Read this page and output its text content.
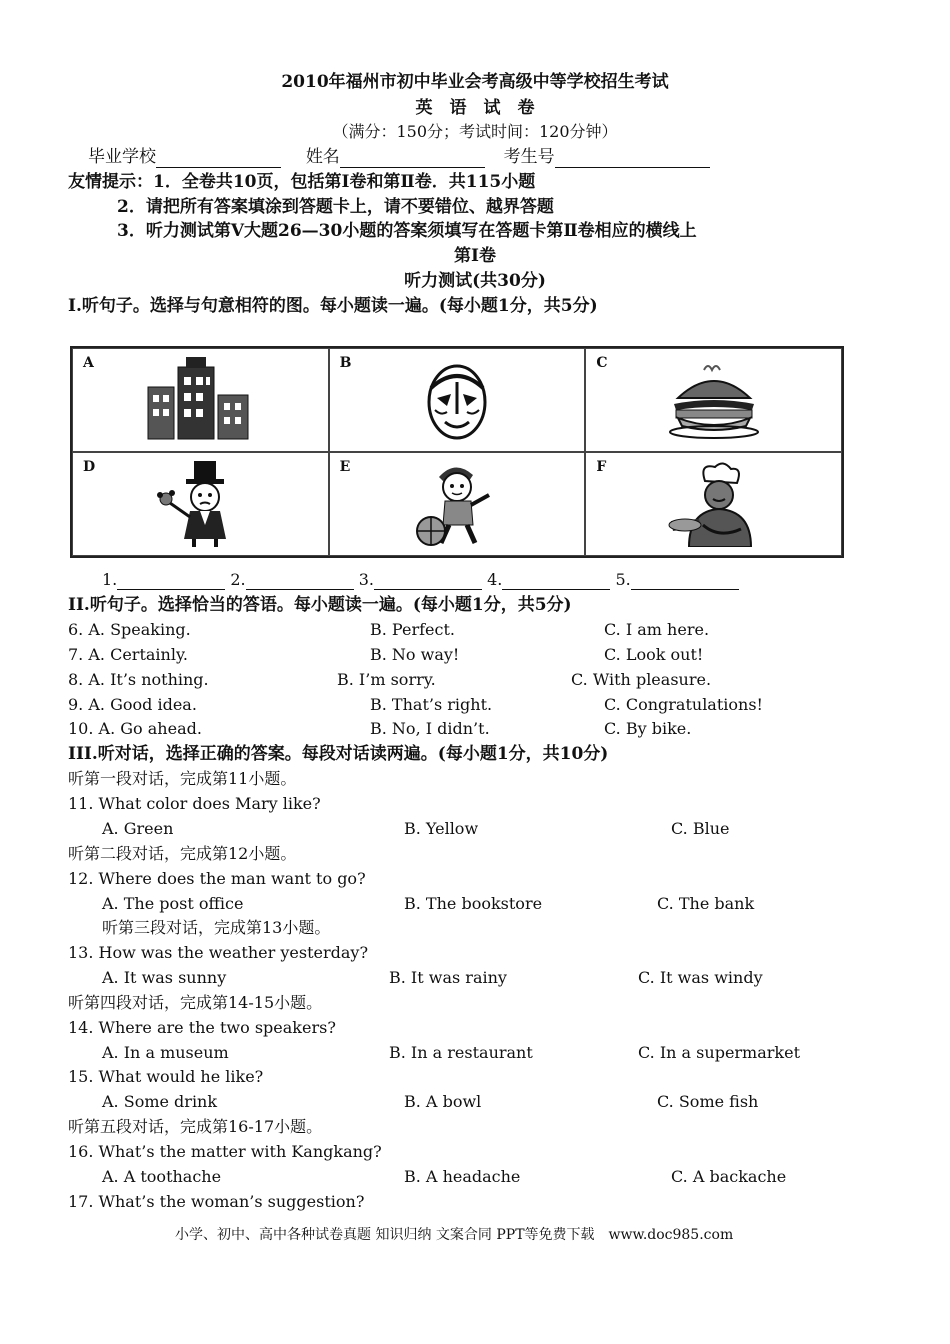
2010年福州市初中毕业会考高级中等学校招生考试
英　语　试　卷
（满分：150分；考试时间：120分钟）
毕业学校	姓名	考生号
友情提示：1．全卷共10页，包括第I卷和第Ⅱ卷．共115小题
2．请把所有答案填涂到答题卡上，请不要错位、越界答题
3．听力测试第V大题26—30小题的答案须填写在答题卡第Ⅱ卷相应的横线上
第I卷
听力测试(共30分)
I.听句子。选择与句意相符的图。每小题读一遍。(每小题1分，共5分)
A	B	C
D	E	F
1.	2.	3.	4.	5.
II.听句子。选择恰当的答语。每小题读一遍。(每小题1分，共5分)
6. A. Speaking.	B. Perfect.	C. I am here.
7. A. Certainly.	B. No way!	C. Look out!
8. A. It’s nothing.	B. I’m sorry.	C. With pleasure.
9. A. Good idea.	B. That’s right.	C. Congratulations!
10. A. Go ahead.	B. No, I didn’t.	C. By bike.
III.听对话，选择正确的答案。每段对话读两遍。(每小题1分，共10分)
听第一段对话，完成第11小题。
11. What color does Mary like?
A. Green	B. Yellow	C. Blue
听第二段对话，完成第12小题。
12. Where does the man want to go?
A. The post office	B. The bookstore	C. The bank
听第三段对话，完成第13小题。
13. How was the weather yesterday?
A. It was sunny	B. It was rainy	C. It was windy
听第四段对话，完成第14-15小题。
14. Where are the two speakers?
A. In a museum	B. In a restaurant	C. In a supermarket
15. What would he like?
A. Some drink	B. A bowl	C. Some fish
听第五段对话，完成第16-17小题。
16. What’s the matter with Kangkang?
A. A toothache	B. A headache	C. A backache
17. What’s the woman’s suggestion?
小学、初中、高中各种试卷真题 知识归纳 文案合同 PPT等免费下载　www.doc985.com
